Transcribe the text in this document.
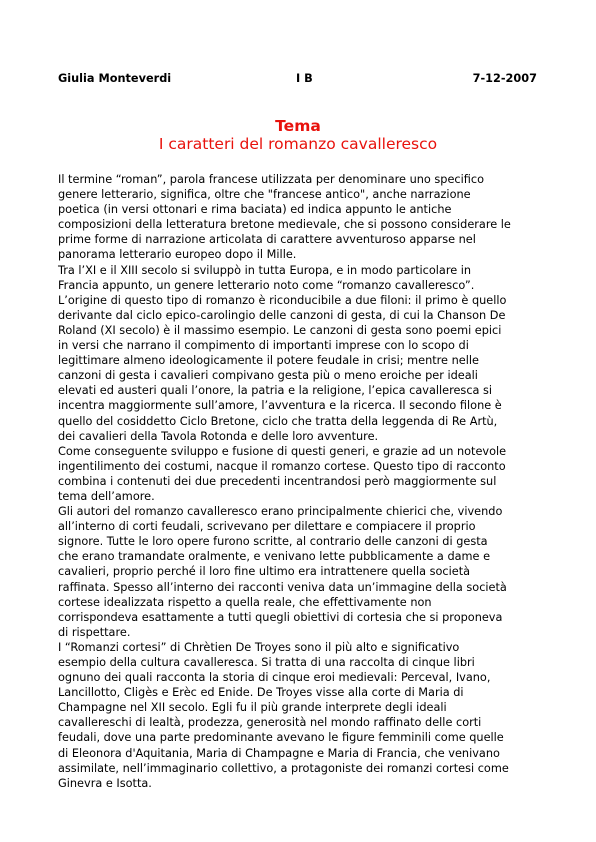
Giulia Monteverdi	I B	7-12-2007
Tema
I caratteri del romanzo cavalleresco
Il termine “roman”, parola francese utilizzata per denominare uno specifico
genere letterario, significa, oltre che "francese antico", anche narrazione
poetica (in versi ottonari e rima baciata) ed indica appunto le antiche
composizioni della letteratura bretone medievale, che si possono considerare le
prime forme di narrazione articolata di carattere avventuroso apparse nel
panorama letterario europeo dopo il Mille.
Tra l’XI e il XIII secolo si sviluppò in tutta Europa, e in modo particolare in
Francia appunto, un genere letterario noto come “romanzo cavalleresco”.
L’origine di questo tipo di romanzo è riconducibile a due filoni: il primo è quello
derivante dal ciclo epico-carolingio delle canzoni di gesta, di cui la Chanson De
Roland (XI secolo) è il massimo esempio. Le canzoni di gesta sono poemi epici
in versi che narrano il compimento di importanti imprese con lo scopo di
legittimare almeno ideologicamente il potere feudale in crisi; mentre nelle
canzoni di gesta i cavalieri compivano gesta più o meno eroiche per ideali
elevati ed austeri quali l’onore, la patria e la religione, l’epica cavalleresca si
incentra maggiormente sull’amore, l’avventura e la ricerca. Il secondo filone è
quello del cosiddetto Ciclo Bretone, ciclo che tratta della leggenda di Re Artù,
dei cavalieri della Tavola Rotonda e delle loro avventure.
Come conseguente sviluppo e fusione di questi generi, e grazie ad un notevole
ingentilimento dei costumi, nacque il romanzo cortese. Questo tipo di racconto
combina i contenuti dei due precedenti incentrandosi però maggiormente sul
tema dell’amore.
Gli autori del romanzo cavalleresco erano principalmente chierici che, vivendo
all’interno di corti feudali, scrivevano per dilettare e compiacere il proprio
signore. Tutte le loro opere furono scritte, al contrario delle canzoni di gesta
che erano tramandate oralmente, e venivano lette pubblicamente a dame e
cavalieri, proprio perché il loro fine ultimo era intrattenere quella società
raffinata. Spesso all’interno dei racconti veniva data un’immagine della società
cortese idealizzata rispetto a quella reale, che effettivamente non
corrispondeva esattamente a tutti quegli obiettivi di cortesia che si proponeva
di rispettare.
I “Romanzi cortesi” di Chrètien De Troyes sono il più alto e significativo
esempio della cultura cavalleresca. Si tratta di una raccolta di cinque libri
ognuno dei quali racconta la storia di cinque eroi medievali: Perceval, Ivano,
Lancillotto, Cligès e Erèc ed Enide. De Troyes visse alla corte di Maria di
Champagne nel XII secolo. Egli fu il più grande interprete degli ideali
cavallereschi di lealtà, prodezza, generosità nel mondo raffinato delle corti
feudali, dove una parte predominante avevano le figure femminili come quelle
di Eleonora d'Aquitania, Maria di Champagne e Maria di Francia, che venivano
assimilate, nell’immaginario collettivo, a protagoniste dei romanzi cortesi come
Ginevra e Isotta.
